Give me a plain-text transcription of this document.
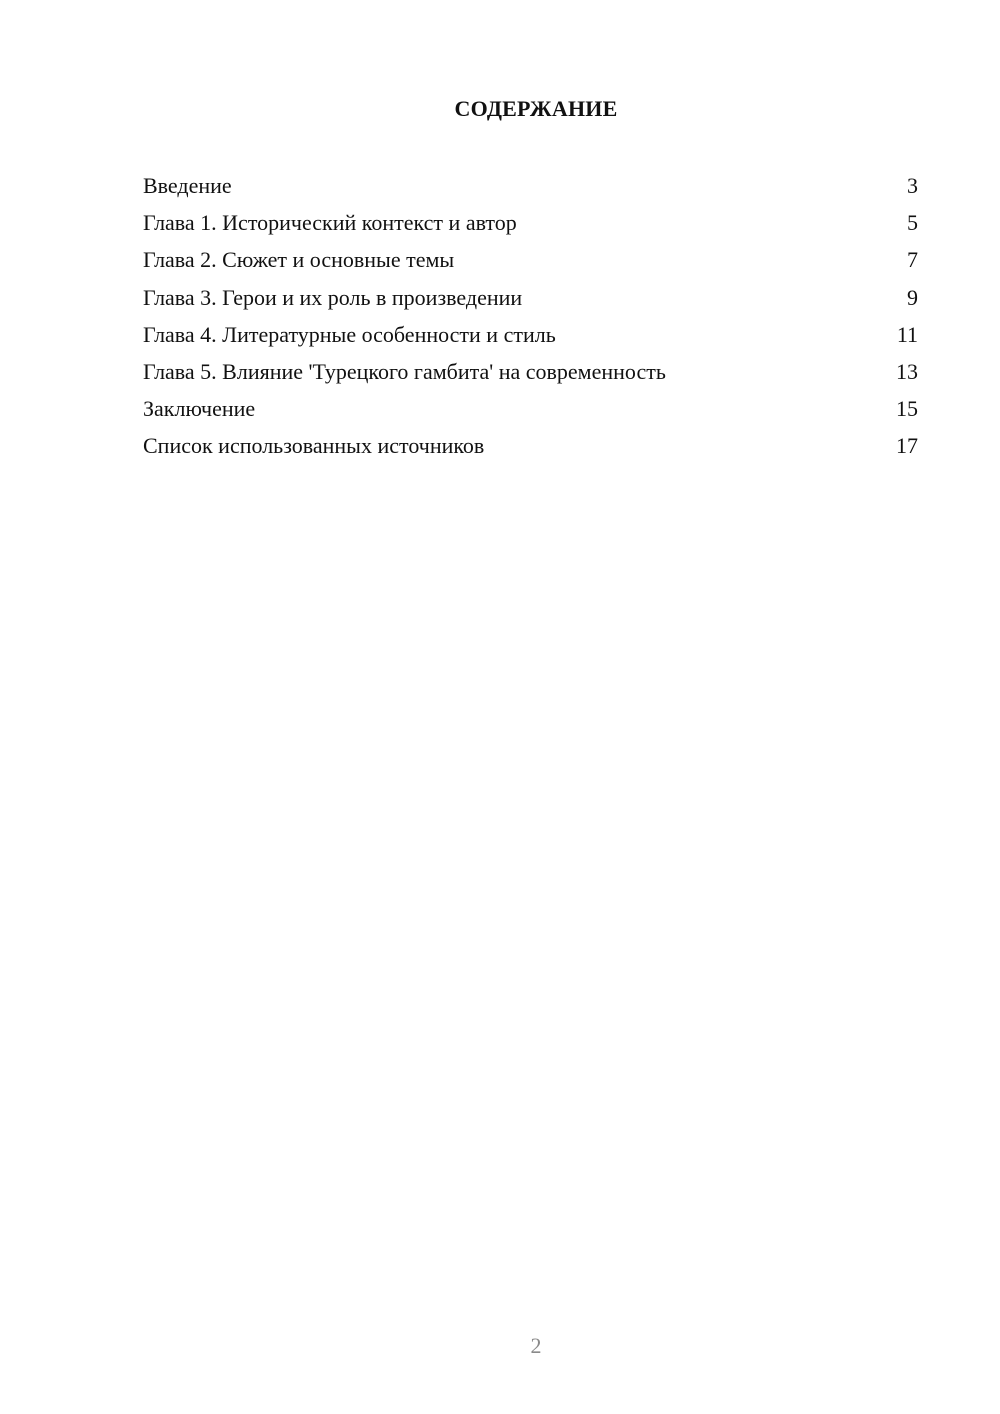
СОДЕРЖАНИЕ
Введение	3
Глава 1. Исторический контекст и автор	5
Глава 2. Сюжет и основные темы	7
Глава 3. Герои и их роль в произведении	9
Глава 4. Литературные особенности и стиль	11
Глава 5. Влияние 'Турецкого гамбита' на современность	13
Заключение	15
Список использованных источников	17
2
